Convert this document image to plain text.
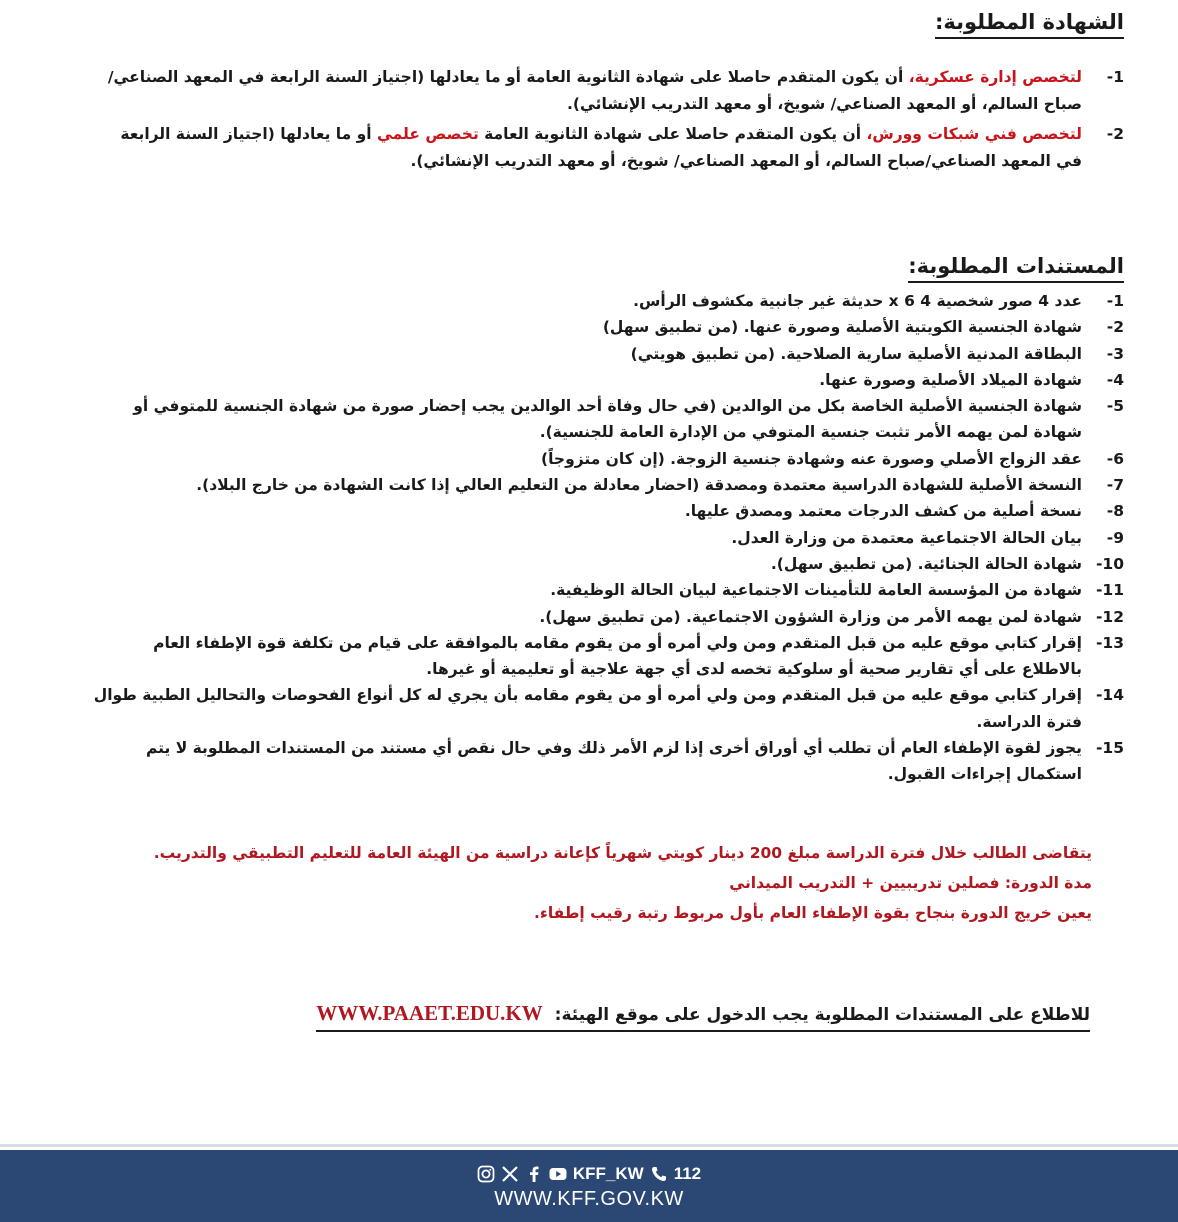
الشهادة المطلوبة:
1-
لتخصص إدارة عسكرية، أن يكون المتقدم حاصلا على شهادة الثانوية العامة أو ما يعادلها (اجتياز السنة الرابعة في المعهد الصناعي/صباح السالم، أو المعهد الصناعي/ شويخ، أو معهد التدريب الإنشائي).
2-
لتخصص فني شبكات وورش، أن يكون المتقدم حاصلا على شهادة الثانوية العامة تخصص علمي أو ما يعادلها (اجتياز السنة الرابعة في المعهد الصناعي/صباح السالم، أو المعهد الصناعي/ شويخ، أو معهد التدريب الإنشائي).
المستندات المطلوبة:
1-
عدد 4 صور شخصية 4 x 6 حديثة غير جانبية مكشوف الرأس.
2-
شهادة الجنسية الكويتية الأصلية وصورة عنها. (من تطبيق سهل)
3-
البطاقة المدنية الأصلية سارية الصلاحية. (من تطبيق هويتي)
4-
شهادة الميلاد الأصلية وصورة عنها.
5-
شهادة الجنسية الأصلية الخاصة بكل من الوالدين (في حال وفاة أحد الوالدين يجب إحضار صورة من شهادة الجنسية للمتوفي أو شهادة لمن يهمه الأمر تثبت جنسية المتوفي من الإدارة العامة للجنسية).
6-
عقد الزواج الأصلي وصورة عنه وشهادة جنسية الزوجة. (إن كان متزوجاً)
7-
النسخة الأصلية للشهادة الدراسية معتمدة ومصدقة (احضار معادلة من التعليم العالي إذا كانت الشهادة من خارج البلاد).
8-
نسخة أصلية من كشف الدرجات معتمد ومصدق عليها.
9-
بيان الحالة الاجتماعية معتمدة من وزارة العدل.
10-
شهادة الحالة الجنائية. (من تطبيق سهل).
11-
شهادة من المؤسسة العامة للتأمينات الاجتماعية لبيان الحالة الوظيفية.
12-
شهادة لمن يهمه الأمر من وزارة الشؤون الاجتماعية. (من تطبيق سهل).
13-
إقرار كتابي موقع عليه من قبل المتقدم ومن ولي أمره أو من يقوم مقامه بالموافقة على قيام من تكلفة قوة الإطفاء العام بالاطلاع على أي تقارير صحية أو سلوكية تخصه لدى أي جهة علاجية أو تعليمية أو غيرها.
14-
إقرار كتابي موقع عليه من قبل المتقدم ومن ولي أمره أو من يقوم مقامه بأن يجري له كل أنواع الفحوصات والتحاليل الطبية طوال فترة الدراسة.
15-
يجوز لقوة الإطفاء العام أن تطلب أي أوراق أخرى إذا لزم الأمر ذلك وفي حال نقص أي مستند من المستندات المطلوبة لا يتم استكمال إجراءات القبول.

يتقاضى الطالب خلال فترة الدراسة مبلغ 200 دينار كويتي شهرياً كإعانة دراسية من الهيئة العامة للتعليم التطبيقي والتدريب.

مدة الدورة: فصلين تدريبيين + التدريب الميداني

يعين خريج الدورة بنجاح بقوة الإطفاء العام بأول مربوط رتبة رقيب إطفاء.

للاطلاع على المستندات المطلوبة يجب الدخول على موقع الهيئة: WWW.PAAET.EDU.KW
KFF_KW 112
WWW.KFF.GOV.KW
